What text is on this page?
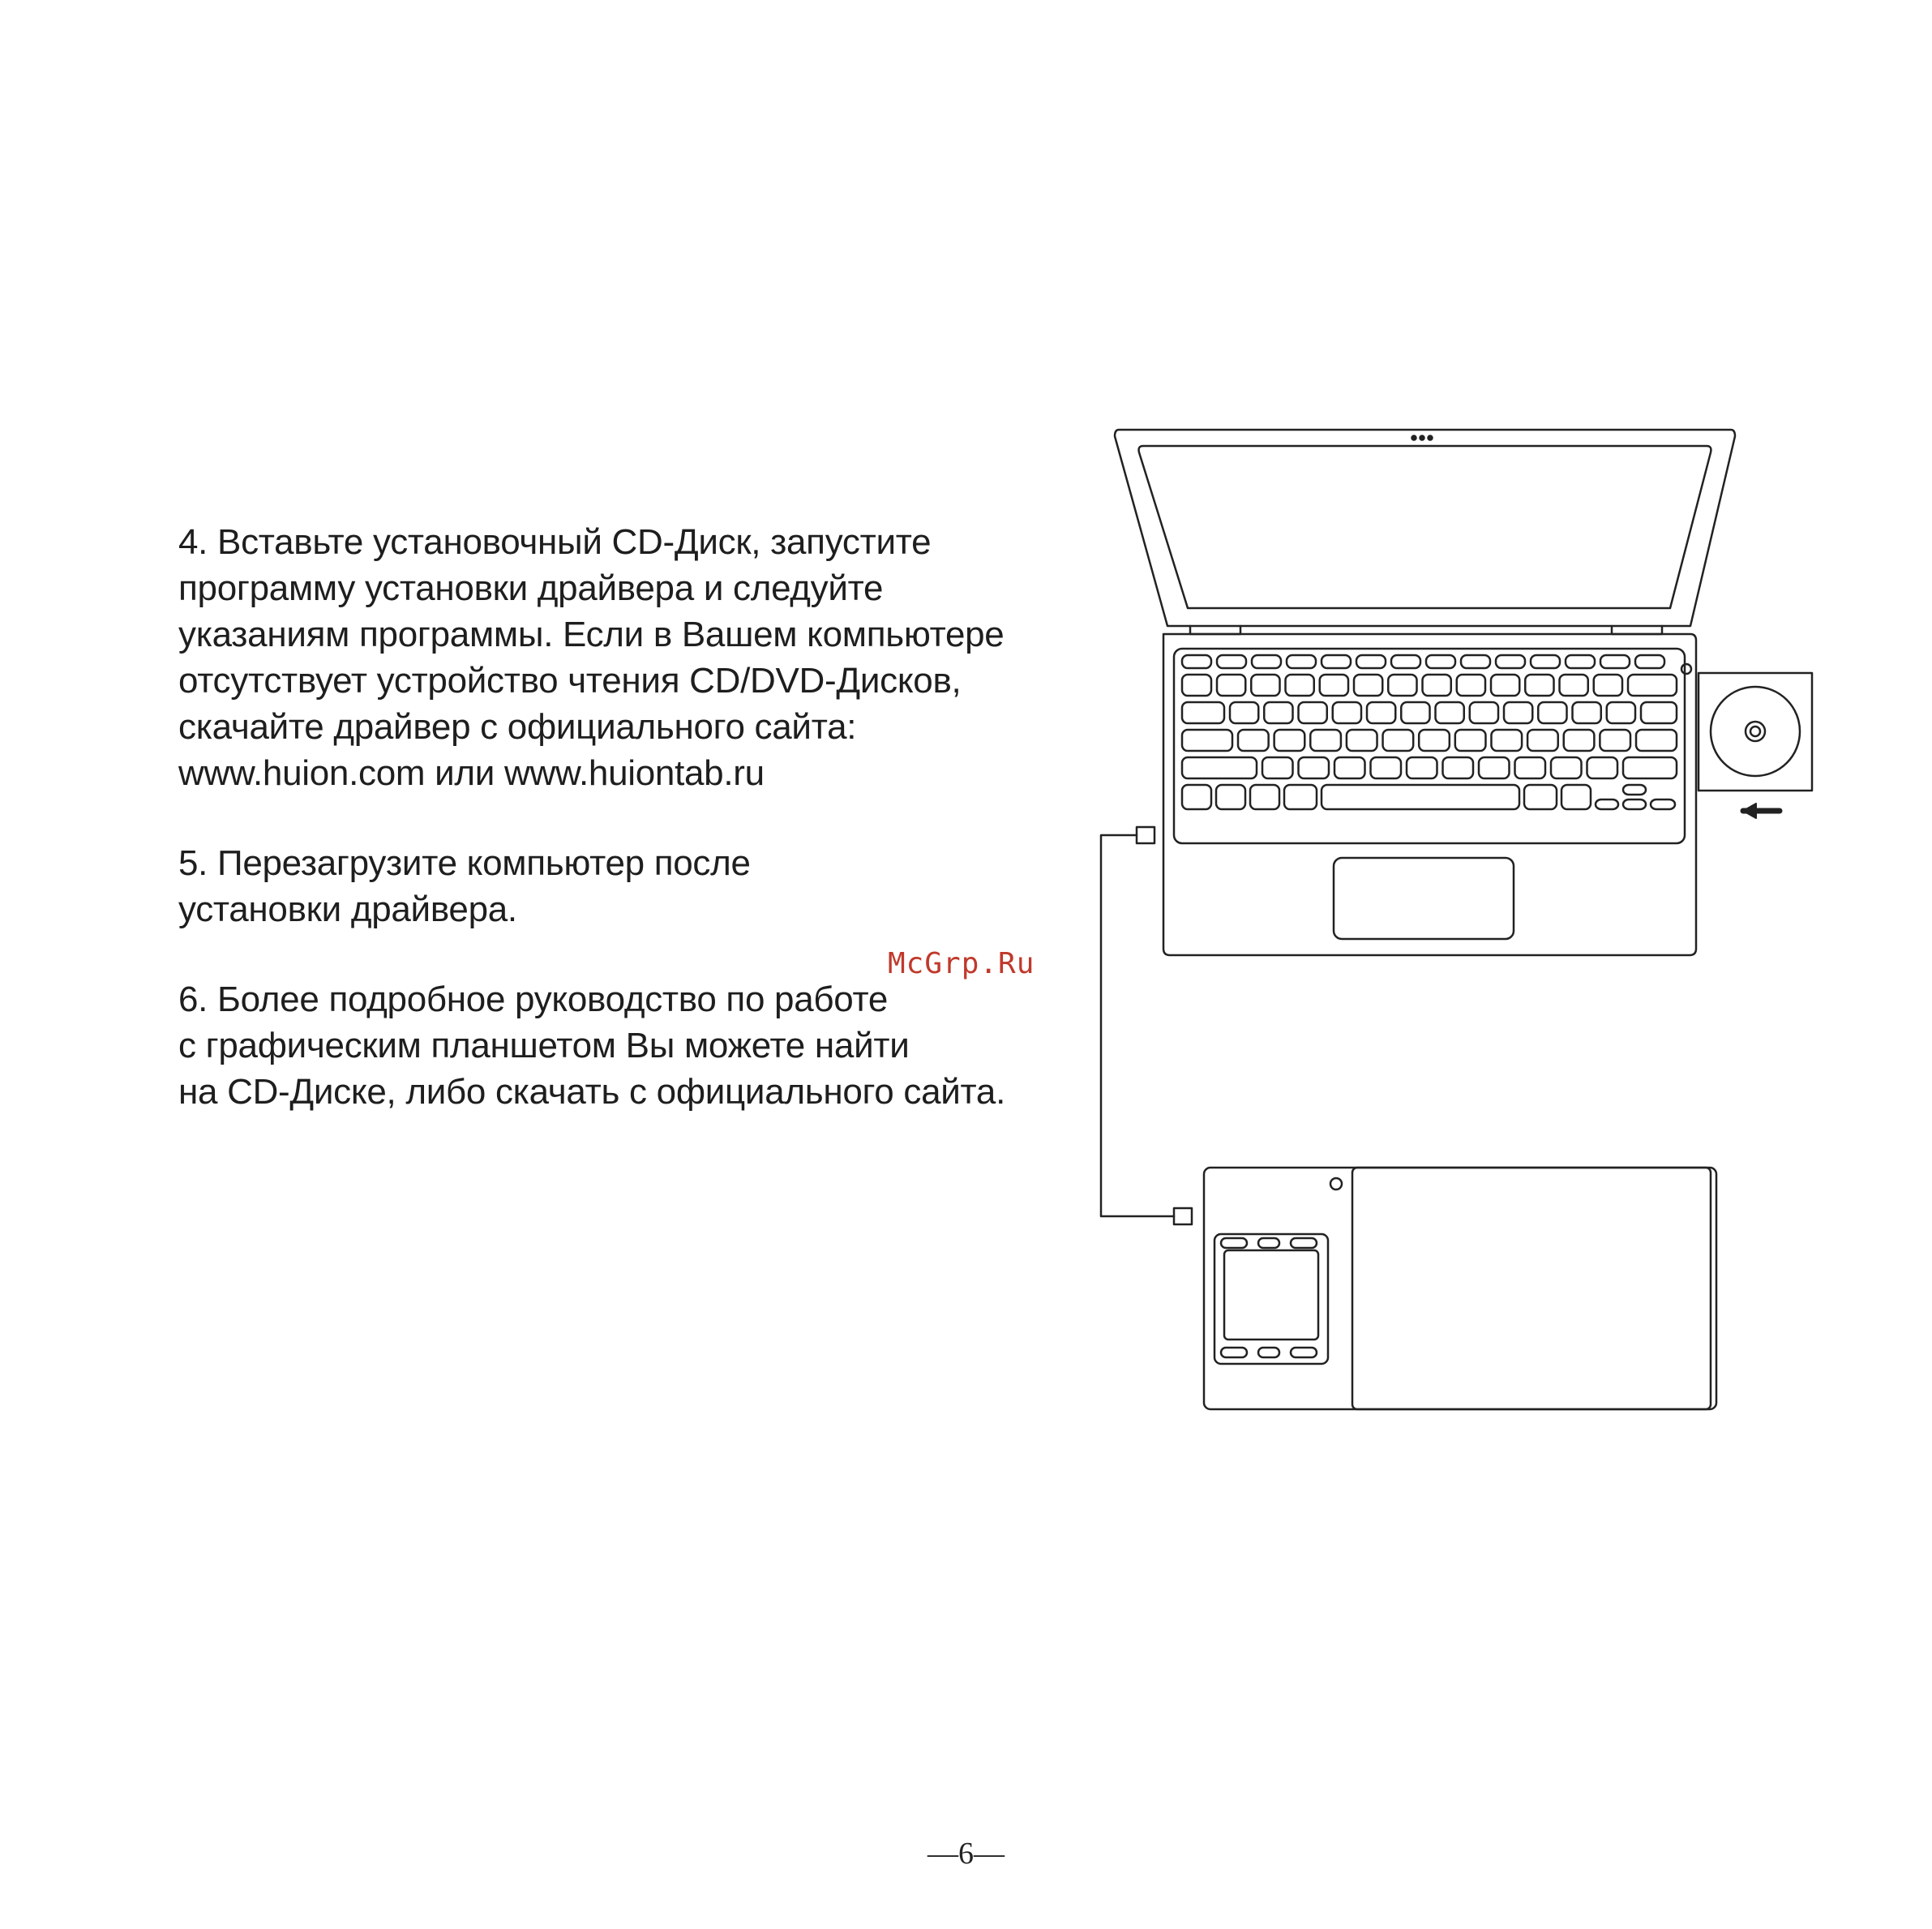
4. Вставьте установочный CD-Диск, запустите
программу установки драйвера и следуйте
указаниям программы. Если в Вашем компьютере
отсутствует устройство чтения CD/DVD-Дисков,
скачайте драйвер с официального сайта:
www.huion.com или www.huiontab.ru
5. Перезагрузите компьютер после
установки драйвера.
6. Более подробное руководство по работе
с графическим планшетом Вы можете найти
на CD-Диске, либо скачать с официального сайта.
McGrp.Ru
—6—
